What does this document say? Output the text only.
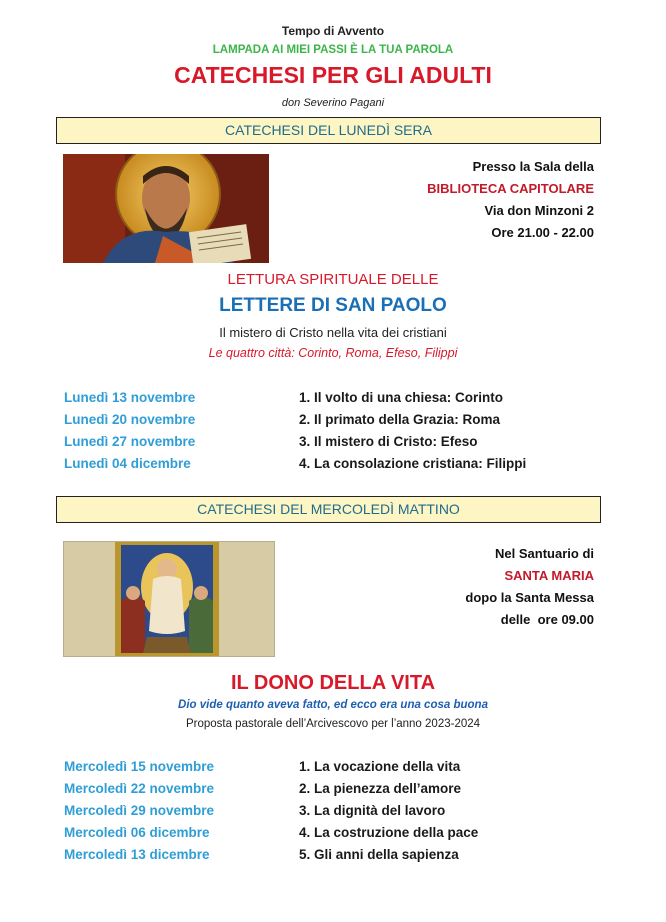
Tempo di Avvento
LAMPADA AI MIEI PASSI È LA TUA PAROLA
CATECHESI PER GLI ADULTI
don Severino Pagani
CATECHESI DEL LUNEDÌ SERA
Presso la Sala della
BIBLIOTECA CAPITOLARE
Via don Minzoni 2
Ore 21.00 - 22.00
LETTURA SPIRITUALE DELLE
LETTERE DI SAN PAOLO
Il mistero di Cristo nella vita dei cristiani
Le quattro città: Corinto, Roma, Efeso, Filippi
Lunedì 13 novembre	1. Il volto di una chiesa: Corinto
Lunedì 20 novembre	2. Il primato della Grazia: Roma
Lunedì 27 novembre	3. Il mistero di Cristo: Efeso
Lunedì 04 dicembre	4. La consolazione cristiana: Filippi
CATECHESI DEL MERCOLEDÌ MATTINO
Nel Santuario di
SANTA MARIA
dopo la Santa Messa
delle  ore 09.00
IL DONO DELLA VITA
Dio vide quanto aveva fatto, ed ecco era una cosa buona
Proposta pastorale dell’Arcivescovo per l’anno 2023-2024
Mercoledì 15 novembre	1. La vocazione della vita
Mercoledì 22 novembre	2. La pienezza dell’amore
Mercoledì 29 novembre	3. La dignità del lavoro
Mercoledì 06 dicembre	4. La costruzione della pace
Mercoledì 13 dicembre	5. Gli anni della sapienza
